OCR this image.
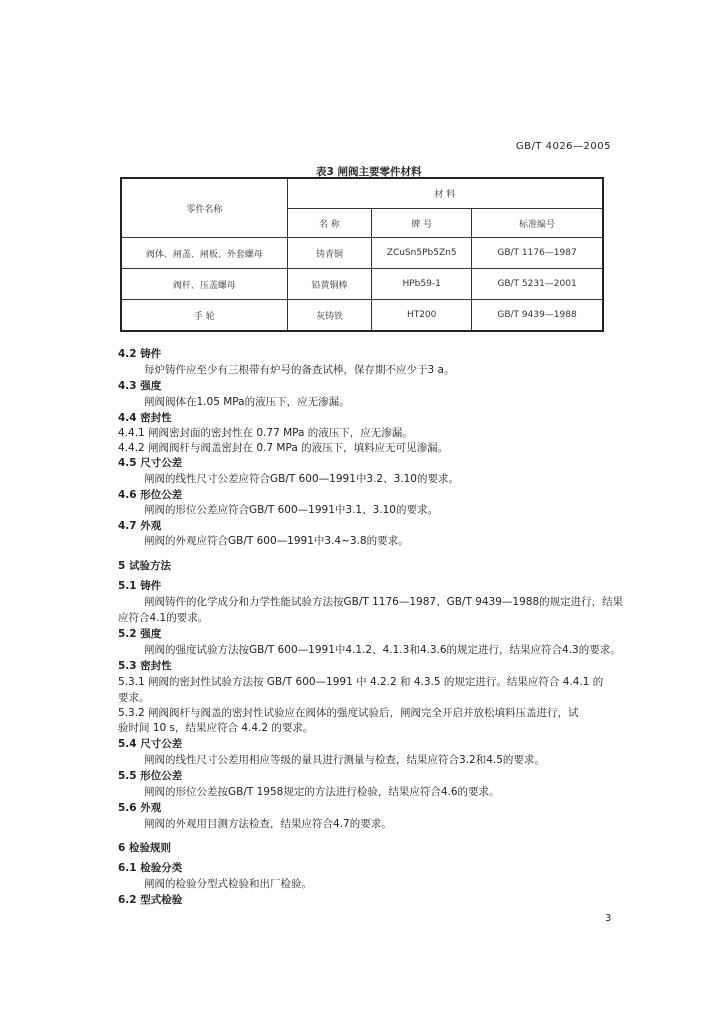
GB/T 4026—2005
表3 闸阀主要零件材料
零件名称	材 料		
	名 称	牌 号	标准编号
阀体、闸盖、闸板、外套螺母	铸青铜	ZCuSn5Pb5Zn5	GB/T 1176—1987
阀杆、压盖螺母	铅黄铜棒	HPb59-1	GB/T 5231—2001
手 轮	灰铸铁	HT200	GB/T 9439—1988
4.2 铸件
每炉铸件应至少有三根带有炉号的备查试棒，保存期不应少于3 a。
4.3 强度
闸阀阀体在1.05 MPa的液压下，应无渗漏。
4.4 密封性
4.4.1 闸阀密封面的密封性在 0.77 MPa 的液压下，应无渗漏。
4.4.2 闸阀阀杆与阀盖密封在 0.7 MPa 的液压下，填料应无可见渗漏。
4.5 尺寸公差
闸阀的线性尺寸公差应符合GB/T 600—1991中3.2、3.10的要求。
4.6 形位公差
闸阀的形位公差应符合GB/T 600—1991中3.1、3.10的要求。
4.7 外观
闸阀的外观应符合GB/T 600—1991中3.4~3.8的要求。
5 试验方法
5.1 铸件
闸阀铸件的化学成分和力学性能试验方法按GB/T 1176—1987、GB/T 9439—1988的规定进行，结果
应符合4.1的要求。
5.2 强度
闸阀的强度试验方法按GB/T 600—1991中4.1.2、4.1.3和4.3.6的规定进行，结果应符合4.3的要求。
5.3 密封性
5.3.1 闸阀的密封性试验方法按 GB/T 600—1991 中 4.2.2 和 4.3.5 的规定进行。结果应符合 4.4.1 的
要求。
5.3.2 闸阀阀杆与阀盖的密封性试验应在阀体的强度试验后，闸阀完全开启并放松填料压盖进行，试
验时间 10 s，结果应符合 4.4.2 的要求。
5.4 尺寸公差
闸阀的线性尺寸公差用相应等级的量具进行测量与检查，结果应符合3.2和4.5的要求。
5.5 形位公差
闸阀的形位公差按GB/T 1958规定的方法进行检验，结果应符合4.6的要求。
5.6 外观
闸阀的外观用目测方法检查，结果应符合4.7的要求。
6 检验规则
6.1 检验分类
闸阀的检验分型式检验和出厂检验。
6.2 型式检验
3
